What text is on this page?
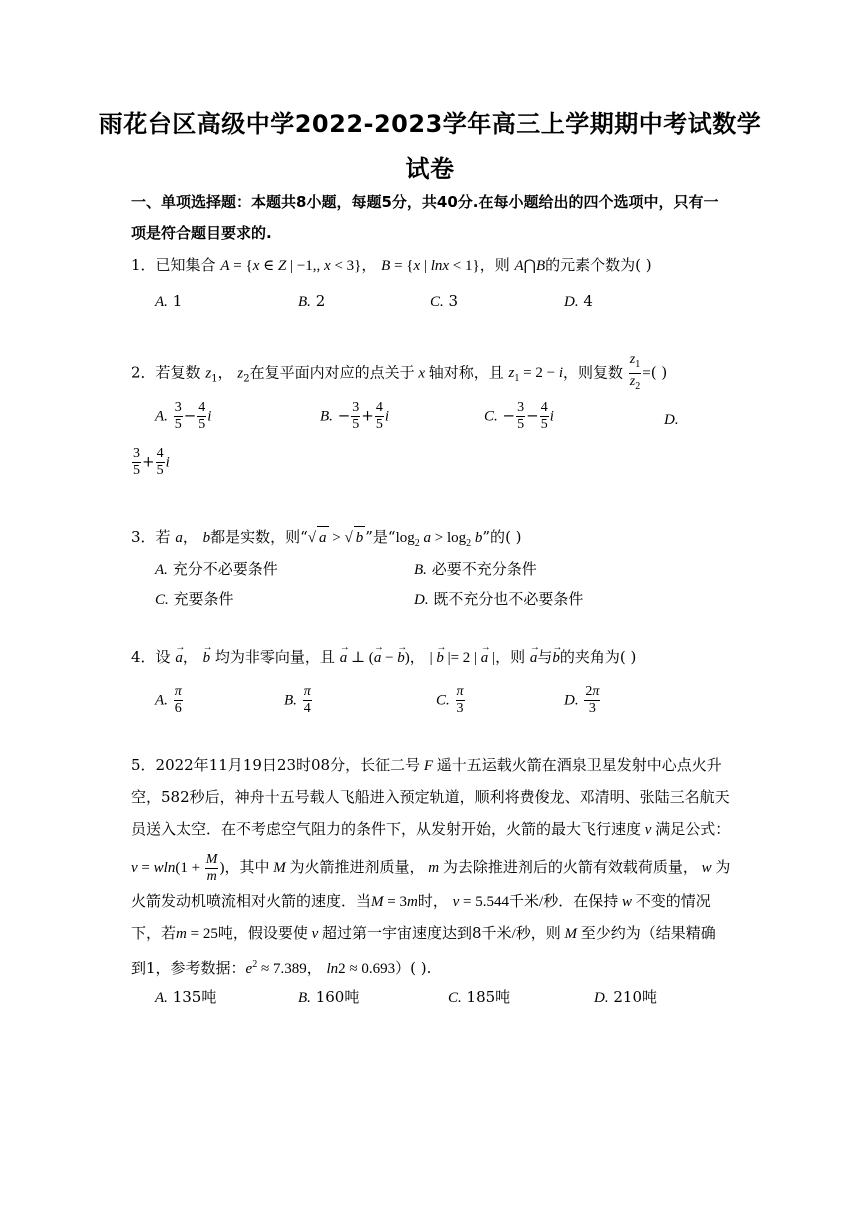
雨花台区高级中学2022-2023学年高三上学期期中考试数学
试卷
一、单项选择题：本题共8小题，每题5分，共40分.在每小题给出的四个选项中，只有一项是符合题目要求的.
1．已知集合 A = {x ∈ Z | −1,, x < 3}， B = {x | lnx < 1}，则 A⋂B的元素个数为( )
A. 1	B. 2	C. 3	D. 4
2．若复数 $z_1$， $z_2$在复平面内对应的点关于 x 轴对称，且 $z_1 = 2 - i$，则复数 $\frac{z_1}{z_2}$ =( )
A. $\frac{3}{5} - \frac{4}{5}$ i	B. − $\frac{3}{5} + \frac{4}{5}$ i	C. − $\frac{3}{5} - \frac{4}{5}$ i	D.
$\frac{3}{5} + \frac{4}{5}$ i
3．若 a， b都是实数，则“√ a > √ b ”是“$\log_2$ $a > \log_2 b$”的( )
A. 充分不必要条件	B. 必要不充分条件
C. 充要条件	D. 既不充分也不必要条件
4．设 → a， → b 均为非零向量，且 → a ⊥ (→ a − → b)， | → b |= 2 | → a |，则 → a与→ b的夹角为( )
A. $\frac{\pi}{6}$	B. $\frac{\pi}{4}$	C. $\frac{\pi}{3}$	D. $\frac{2\pi}{3}$
5．2022年11月19日23时08分，长征二号 F 遥十五运载火箭在酒泉卫星发射中心点火升
空，582秒后，神舟十五号载人飞船进入预定轨道，顺利将费俊龙、邓清明、张陆三名航天
员送入太空．在不考虑空气阻力的条件下，从发射开始，火箭的最大飞行速度 v 满足公式：
$v = wln(1 + \frac{M}{m}$ )，其中 M 为火箭推进剂质量， m 为去除推进剂后的火箭有效载荷质量， w 为
火箭发动机喷流相对火箭的速度．当M = 3m时， v = 5.544千米/秒．在保持 w 不变的情况
下，若m = 25吨，假设要使 v 超过第一宇宙速度达到8千米/秒，则 M 至少约为（结果精确
到1，参考数据：$e^2 \approx 7.389$， ln2 ≈ 0.693）( ).
A. 135吨	B. 160吨	C. 185吨	D. 210吨
